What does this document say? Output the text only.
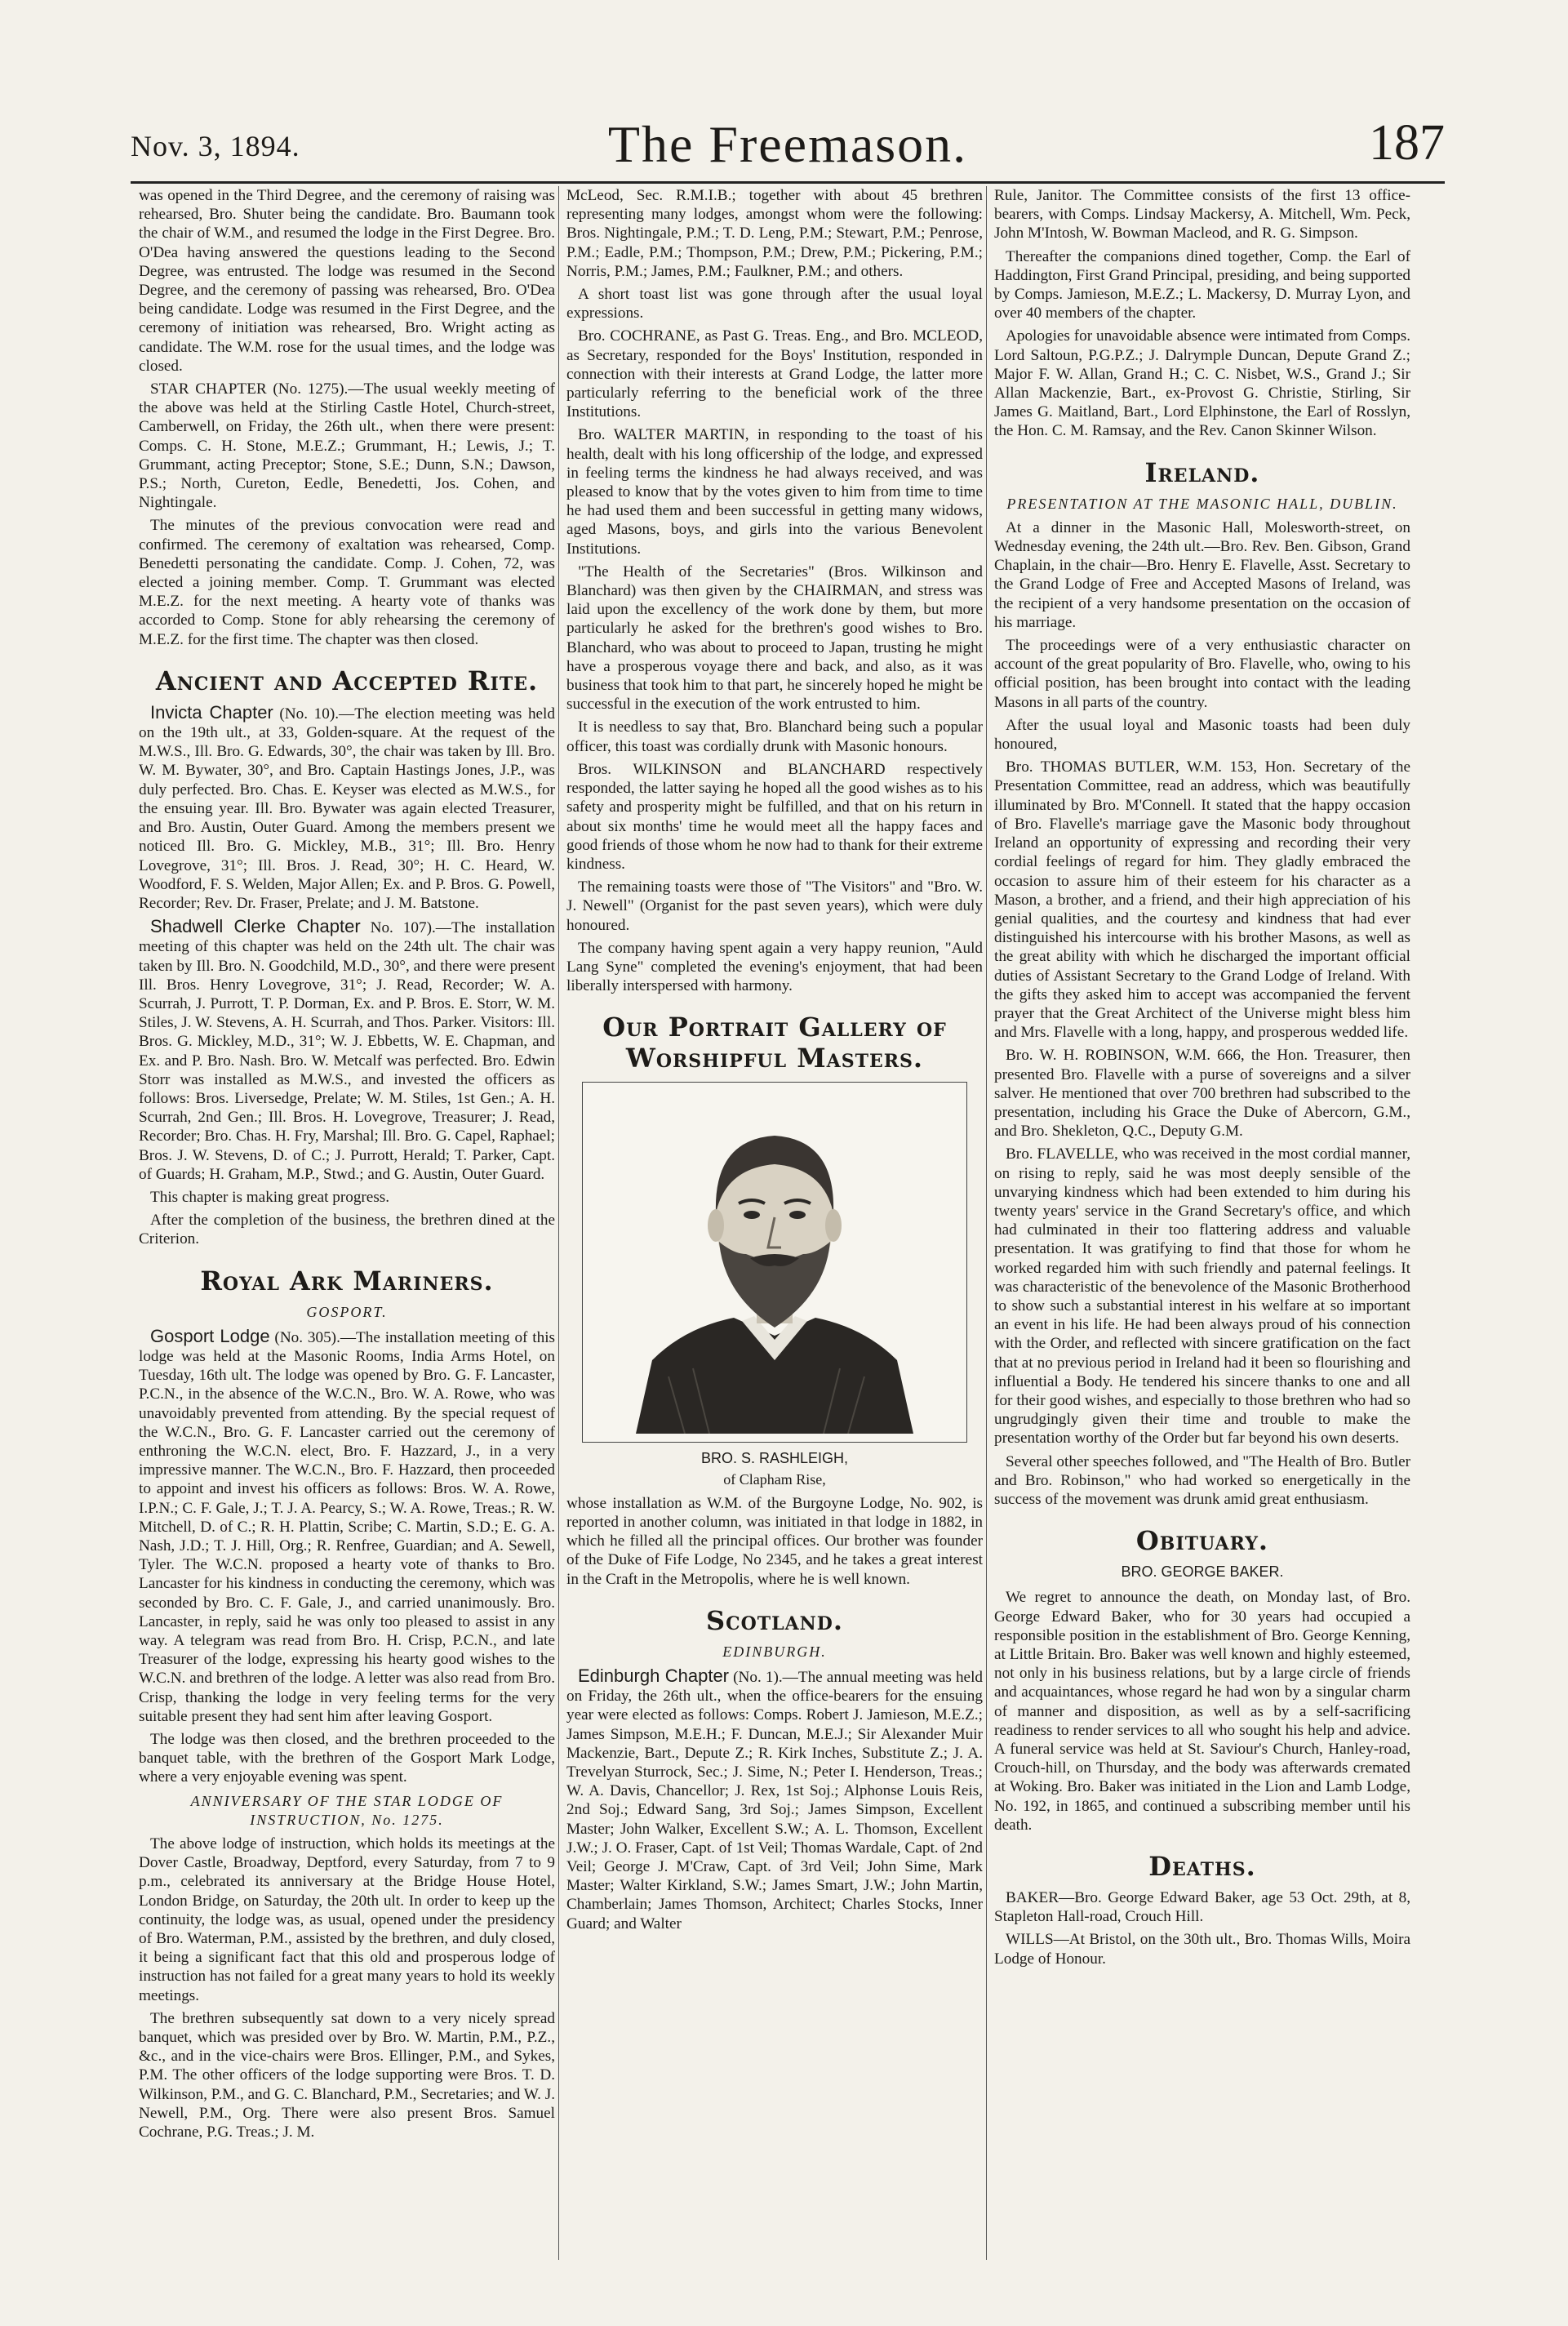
Nov. 3, 1894.	The Freemason.	187

was opened in the Third Degree, and the ceremony of raising was rehearsed, Bro. Shuter being the candidate. Bro. Baumann took the chair of W.M., and resumed the lodge in the First Degree. Bro. O'Dea having answered the questions leading to the Second Degree, was entrusted. The lodge was resumed in the Second Degree, and the ceremony of passing was rehearsed, Bro. O'Dea being candidate. Lodge was resumed in the First Degree, and the ceremony of initiation was rehearsed, Bro. Wright acting as candidate. The W.M. rose for the usual times, and the lodge was closed.

STAR CHAPTER (No. 1275).—The usual weekly meeting of the above was held at the Stirling Castle Hotel, Church-street, Camberwell, on Friday, the 26th ult., when there were present: Comps. C. H. Stone, M.E.Z.; Grummant, H.; Lewis, J.; T. Grummant, acting Preceptor; Stone, S.E.; Dunn, S.N.; Dawson, P.S.; North, Cureton, Eedle, Benedetti, Jos. Cohen, and Nightingale.

The minutes of the previous convocation were read and confirmed. The ceremony of exaltation was rehearsed, Comp. Benedetti personating the candidate. Comp. J. Cohen, 72, was elected a joining member. Comp. T. Grummant was elected M.E.Z. for the next meeting. A hearty vote of thanks was accorded to Comp. Stone for ably rehearsing the ceremony of M.E.Z. for the first time. The chapter was then closed.

Ancient and Accepted Rite.

Invicta Chapter (No. 10).—The election meeting was held on the 19th ult., at 33, Golden-square. At the request of the M.W.S., Ill. Bro. G. Edwards, 30°, the chair was taken by Ill. Bro. W. M. Bywater, 30°, and Bro. Captain Hastings Jones, J.P., was duly perfected. Bro. Chas. E. Keyser was elected as M.W.S., for the ensuing year. Ill. Bro. Bywater was again elected Treasurer, and Bro. Austin, Outer Guard. Among the members present we noticed Ill. Bro. G. Mickley, M.B., 31°; Ill. Bro. Henry Lovegrove, 31°; Ill. Bros. J. Read, 30°; H. C. Heard, W. Woodford, F. S. Welden, Major Allen; Ex. and P. Bros. G. Powell, Recorder; Rev. Dr. Fraser, Prelate; and J. M. Batstone.

Shadwell Clerke Chapter No. 107).—The installation meeting of this chapter was held on the 24th ult. The chair was taken by Ill. Bro. N. Goodchild, M.D., 30°, and there were present Ill. Bros. Henry Lovegrove, 31°; J. Read, Recorder; W. A. Scurrah, J. Purrott, T. P. Dorman, Ex. and P. Bros. E. Storr, W. M. Stiles, J. W. Stevens, A. H. Scurrah, and Thos. Parker. Visitors: Ill. Bros. G. Mickley, M.D., 31°; W. J. Ebbetts, W. E. Chapman, and Ex. and P. Bro. Nash. Bro. W. Metcalf was perfected. Bro. Edwin Storr was installed as M.W.S., and invested the officers as follows: Bros. Liversedge, Prelate; W. M. Stiles, 1st Gen.; A. H. Scurrah, 2nd Gen.; Ill. Bros. H. Lovegrove, Treasurer; J. Read, Recorder; Bro. Chas. H. Fry, Marshal; Ill. Bro. G. Capel, Raphael; Bros. J. W. Stevens, D. of C.; J. Purrott, Herald; T. Parker, Capt. of Guards; H. Graham, M.P., Stwd.; and G. Austin, Outer Guard.

This chapter is making great progress.

After the completion of the business, the brethren dined at the Criterion.

Royal Ark Mariners.
GOSPORT.

Gosport Lodge (No. 305).—The installation meeting of this lodge was held at the Masonic Rooms, India Arms Hotel, on Tuesday, 16th ult. The lodge was opened by Bro. G. F. Lancaster, P.C.N., in the absence of the W.C.N., Bro. W. A. Rowe, who was unavoidably prevented from attending. By the special request of the W.C.N., Bro. G. F. Lancaster carried out the ceremony of enthroning the W.C.N. elect, Bro. F. Hazzard, J., in a very impressive manner. The W.C.N., Bro. F. Hazzard, then proceeded to appoint and invest his officers as follows: Bros. W. A. Rowe, I.P.N.; C. F. Gale, J.; T. J. A. Pearcy, S.; W. A. Rowe, Treas.; R. W. Mitchell, D. of C.; R. H. Plattin, Scribe; C. Martin, S.D.; E. G. A. Nash, J.D.; T. J. Hill, Org.; R. Renfree, Guardian; and A. Sewell, Tyler. The W.C.N. proposed a hearty vote of thanks to Bro. Lancaster for his kindness in conducting the ceremony, which was seconded by Bro. C. F. Gale, J., and carried unanimously. Bro. Lancaster, in reply, said he was only too pleased to assist in any way. A telegram was read from Bro. H. Crisp, P.C.N., and late Treasurer of the lodge, expressing his hearty good wishes to the W.C.N. and brethren of the lodge. A letter was also read from Bro. Crisp, thanking the lodge in very feeling terms for the very suitable present they had sent him after leaving Gosport.

The lodge was then closed, and the brethren proceeded to the banquet table, with the brethren of the Gosport Mark Lodge, where a very enjoyable evening was spent.

ANNIVERSARY OF THE STAR LODGE OF INSTRUCTION, No. 1275.

The above lodge of instruction, which holds its meetings at the Dover Castle, Broadway, Deptford, every Saturday, from 7 to 9 p.m., celebrated its anniversary at the Bridge House Hotel, London Bridge, on Saturday, the 20th ult. In order to keep up the continuity, the lodge was, as usual, opened under the presidency of Bro. Waterman, P.M., assisted by the brethren, and duly closed, it being a significant fact that this old and prosperous lodge of instruction has not failed for a great many years to hold its weekly meetings.

The brethren subsequently sat down to a very nicely spread banquet, which was presided over by Bro. W. Martin, P.M., P.Z., &c., and in the vice-chairs were Bros. Ellinger, P.M., and Sykes, P.M. The other officers of the lodge supporting were Bros. T. D. Wilkinson, P.M., and G. C. Blanchard, P.M., Secretaries; and W. J. Newell, P.M., Org. There were also present Bros. Samuel Cochrane, P.G. Treas.; J. M.

McLeod, Sec. R.M.I.B.; together with about 45 brethren representing many lodges, amongst whom were the following: Bros. Nightingale, P.M.; T. D. Leng, P.M.; Stewart, P.M.; Penrose, P.M.; Eadle, P.M.; Thompson, P.M.; Drew, P.M.; Pickering, P.M.; Norris, P.M.; James, P.M.; Faulkner, P.M.; and others.

A short toast list was gone through after the usual loyal expressions.

Bro. COCHRANE, as Past G. Treas. Eng., and Bro. MCLEOD, as Secretary, responded for the Boys' Institution, responded in connection with their interests at Grand Lodge, the latter more particularly referring to the beneficial work of the three Institutions.

Bro. WALTER MARTIN, in responding to the toast of his health, dealt with his long officership of the lodge, and expressed in feeling terms the kindness he had always received, and was pleased to know that by the votes given to him from time to time he had used them and been successful in getting many widows, aged Masons, boys, and girls into the various Benevolent Institutions.

"The Health of the Secretaries" (Bros. Wilkinson and Blanchard) was then given by the CHAIRMAN, and stress was laid upon the excellency of the work done by them, but more particularly he asked for the brethren's good wishes to Bro. Blanchard, who was about to proceed to Japan, trusting he might have a prosperous voyage there and back, and also, as it was business that took him to that part, he sincerely hoped he might be successful in the execution of the work entrusted to him.

It is needless to say that, Bro. Blanchard being such a popular officer, this toast was cordially drunk with Masonic honours.

Bros. WILKINSON and BLANCHARD respectively responded, the latter saying he hoped all the good wishes as to his safety and prosperity might be fulfilled, and that on his return in about six months' time he would meet all the happy faces and good friends of those whom he now had to thank for their extreme kindness.

The remaining toasts were those of "The Visitors" and "Bro. W. J. Newell" (Organist for the past seven years), which were duly honoured.

The company having spent again a very happy reunion, "Auld Lang Syne" completed the evening's enjoyment, that had been liberally interspersed with harmony.

Our Portrait Gallery of Worshipful Masters.
BRO. S. RASHLEIGH,
of Clapham Rise,

whose installation as W.M. of the Burgoyne Lodge, No. 902, is reported in another column, was initiated in that lodge in 1882, in which he filled all the principal offices. Our brother was founder of the Duke of Fife Lodge, No 2345, and he takes a great interest in the Craft in the Metropolis, where he is well known.

Scotland.
EDINBURGH.

Edinburgh Chapter (No. 1).—The annual meeting was held on Friday, the 26th ult., when the office-bearers for the ensuing year were elected as follows: Comps. Robert J. Jamieson, M.E.Z.; James Simpson, M.E.H.; F. Duncan, M.E.J.; Sir Alexander Muir Mackenzie, Bart., Depute Z.; R. Kirk Inches, Substitute Z.; J. A. Trevelyan Sturrock, Sec.; J. Sime, N.; Peter I. Henderson, Treas.; W. A. Davis, Chancellor; J. Rex, 1st Soj.; Alphonse Louis Reis, 2nd Soj.; Edward Sang, 3rd Soj.; James Simpson, Excellent Master; John Walker, Excellent S.W.; A. L. Thomson, Excellent J.W.; J. O. Fraser, Capt. of 1st Veil; Thomas Wardale, Capt. of 2nd Veil; George J. M'Craw, Capt. of 3rd Veil; John Sime, Mark Master; Walter Kirkland, S.W.; James Smart, J.W.; John Martin, Chamberlain; James Thomson, Architect; Charles Stocks, Inner Guard; and Walter

Rule, Janitor. The Committee consists of the first 13 office-bearers, with Comps. Lindsay Mackersy, A. Mitchell, Wm. Peck, John M'Intosh, W. Bowman Macleod, and R. G. Simpson.

Thereafter the companions dined together, Comp. the Earl of Haddington, First Grand Principal, presiding, and being supported by Comps. Jamieson, M.E.Z.; L. Mackersy, D. Murray Lyon, and over 40 members of the chapter.

Apologies for unavoidable absence were intimated from Comps. Lord Saltoun, P.G.P.Z.; J. Dalrymple Duncan, Depute Grand Z.; Major F. W. Allan, Grand H.; C. C. Nisbet, W.S., Grand J.; Sir Allan Mackenzie, Bart., ex-Provost G. Christie, Stirling, Sir James G. Maitland, Bart., Lord Elphinstone, the Earl of Rosslyn, the Hon. C. M. Ramsay, and the Rev. Canon Skinner Wilson.

Ireland.
PRESENTATION AT THE MASONIC HALL, DUBLIN.

At a dinner in the Masonic Hall, Molesworth-street, on Wednesday evening, the 24th ult.—Bro. Rev. Ben. Gibson, Grand Chaplain, in the chair—Bro. Henry E. Flavelle, Asst. Secretary to the Grand Lodge of Free and Accepted Masons of Ireland, was the recipient of a very handsome presentation on the occasion of his marriage.

The proceedings were of a very enthusiastic character on account of the great popularity of Bro. Flavelle, who, owing to his official position, has been brought into contact with the leading Masons in all parts of the country.

After the usual loyal and Masonic toasts had been duly honoured,

Bro. THOMAS BUTLER, W.M. 153, Hon. Secretary of the Presentation Committee, read an address, which was beautifully illuminated by Bro. M'Connell. It stated that the happy occasion of Bro. Flavelle's marriage gave the Masonic body throughout Ireland an opportunity of expressing and recording their very cordial feelings of regard for him. They gladly embraced the occasion to assure him of their esteem for his character as a Mason, a brother, and a friend, and their high appreciation of his genial qualities, and the courtesy and kindness that had ever distinguished his intercourse with his brother Masons, as well as the great ability with which he discharged the important official duties of Assistant Secretary to the Grand Lodge of Ireland. With the gifts they asked him to accept was accompanied the fervent prayer that the Great Architect of the Universe might bless him and Mrs. Flavelle with a long, happy, and prosperous wedded life.

Bro. W. H. ROBINSON, W.M. 666, the Hon. Treasurer, then presented Bro. Flavelle with a purse of sovereigns and a silver salver. He mentioned that over 700 brethren had subscribed to the presentation, including his Grace the Duke of Abercorn, G.M., and Bro. Shekleton, Q.C., Deputy G.M.

Bro. FLAVELLE, who was received in the most cordial manner, on rising to reply, said he was most deeply sensible of the unvarying kindness which had been extended to him during his twenty years' service in the Grand Secretary's office, and which had culminated in their too flattering address and valuable presentation. It was gratifying to find that those for whom he worked regarded him with such friendly and paternal feelings. It was characteristic of the benevolence of the Masonic Brotherhood to show such a substantial interest in his welfare at so important an event in his life. He had been always proud of his connection with the Order, and reflected with sincere gratification on the fact that at no previous period in Ireland had it been so flourishing and influential a Body. He tendered his sincere thanks to one and all for their good wishes, and especially to those brethren who had so ungrudgingly given their time and trouble to make the presentation worthy of the Order but far beyond his own deserts.

Several other speeches followed, and "The Health of Bro. Butler and Bro. Robinson," who had worked so energetically in the success of the movement was drunk amid great enthusiasm.

Obituary.
BRO. GEORGE BAKER.

We regret to announce the death, on Monday last, of Bro. George Edward Baker, who for 30 years had occupied a responsible position in the establishment of Bro. George Kenning, at Little Britain. Bro. Baker was well known and highly esteemed, not only in his business relations, but by a large circle of friends and acquaintances, whose regard he had won by a singular charm of manner and disposition, as well as by a self-sacrificing readiness to render services to all who sought his help and advice. A funeral service was held at St. Saviour's Church, Hanley-road, Crouch-hill, on Thursday, and the body was afterwards cremated at Woking. Bro. Baker was initiated in the Lion and Lamb Lodge, No. 192, in 1865, and continued a subscribing member until his death.

Deaths.

BAKER—Bro. George Edward Baker, age 53 Oct. 29th, at 8, Stapleton Hall-road, Crouch Hill.

WILLS—At Bristol, on the 30th ult., Bro. Thomas Wills, Moira Lodge of Honour.
